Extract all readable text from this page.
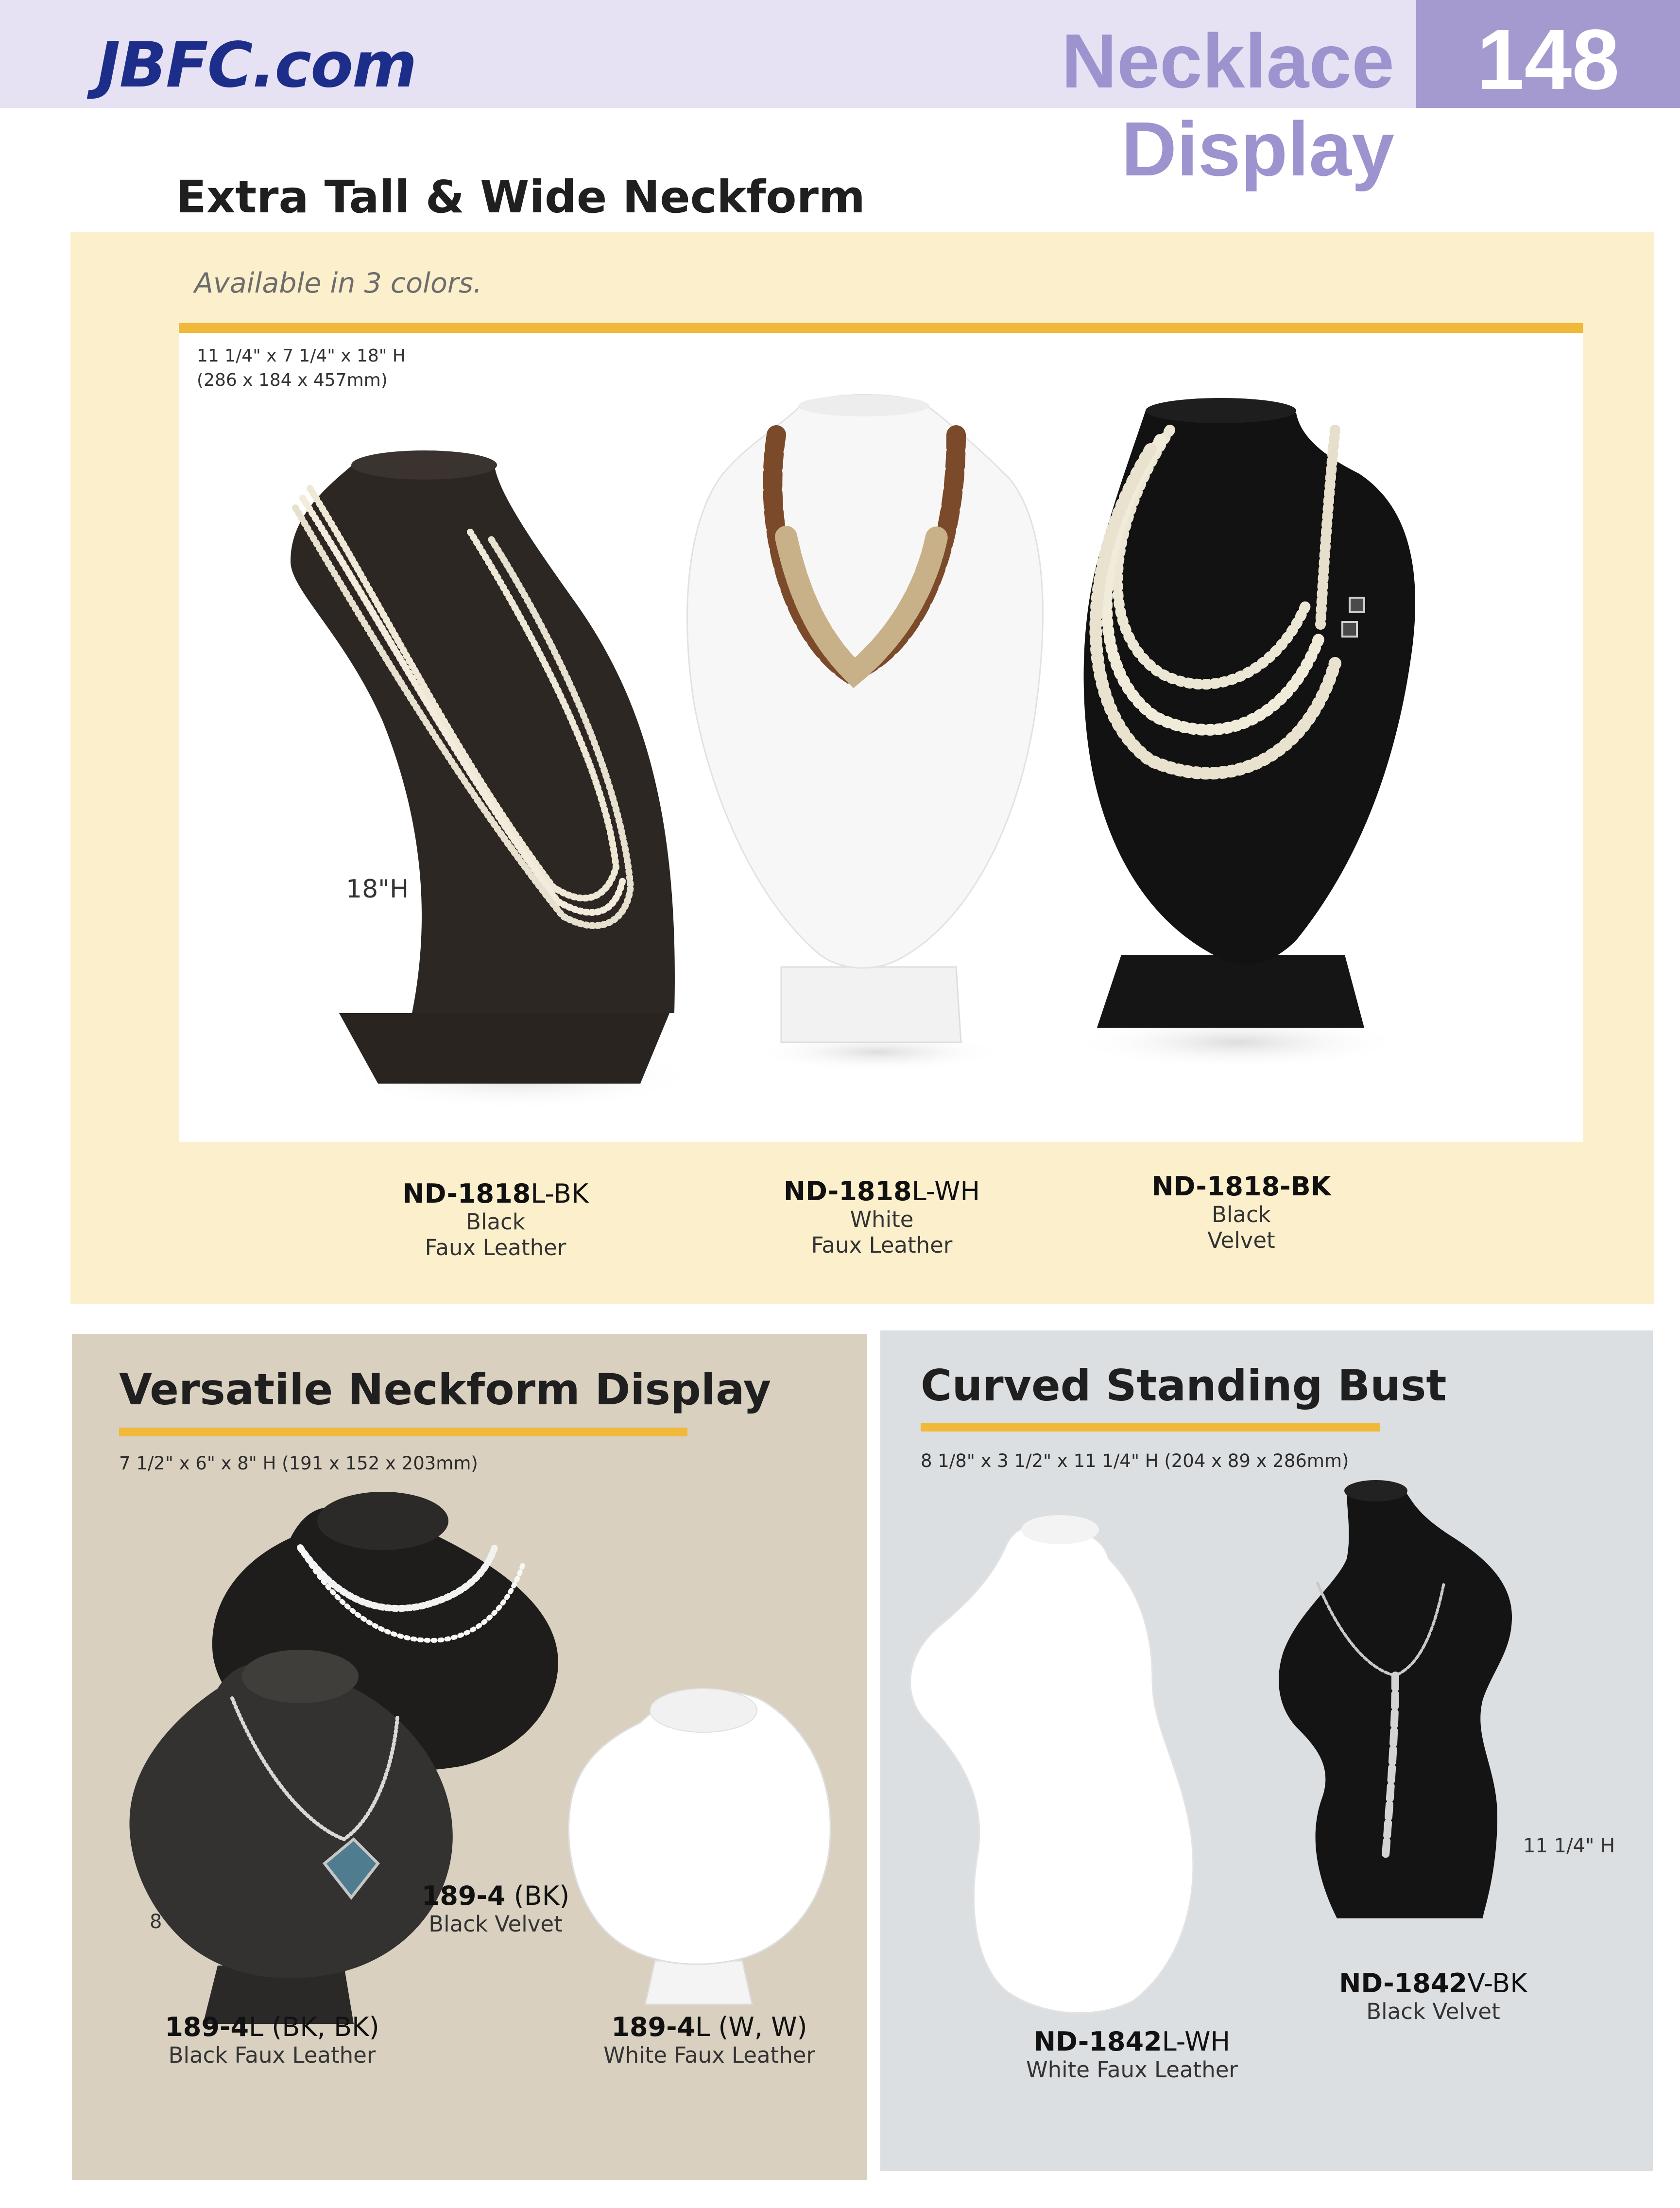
JBFC.com	Necklace Display
148
Extra Tall & Wide Neckform
Available in 3 colors.
11 1/4" x 7 1/4" x 18" H
(286 x 184 x 457mm)
18"H
ND-1818L-BK
Black
Faux Leather
ND-1818L-WH
White
Faux Leather
ND-1818-BK
Black
Velvet
Versatile Neckform Display
7 1/2" x 6" x 8" H (191 x 152 x 203mm)
8" H
189-4 (BK)
Black Velvet
189-4L (BK, BK)
Black Faux Leather
189-4L (W, W)
White Faux Leather
Curved Standing Bust
8 1/8" x 3 1/2" x 11 1/4" H (204 x 89 x 286mm)
11 1/4" H
ND-1842V-BK
Black Velvet
ND-1842L-WH
White Faux Leather
